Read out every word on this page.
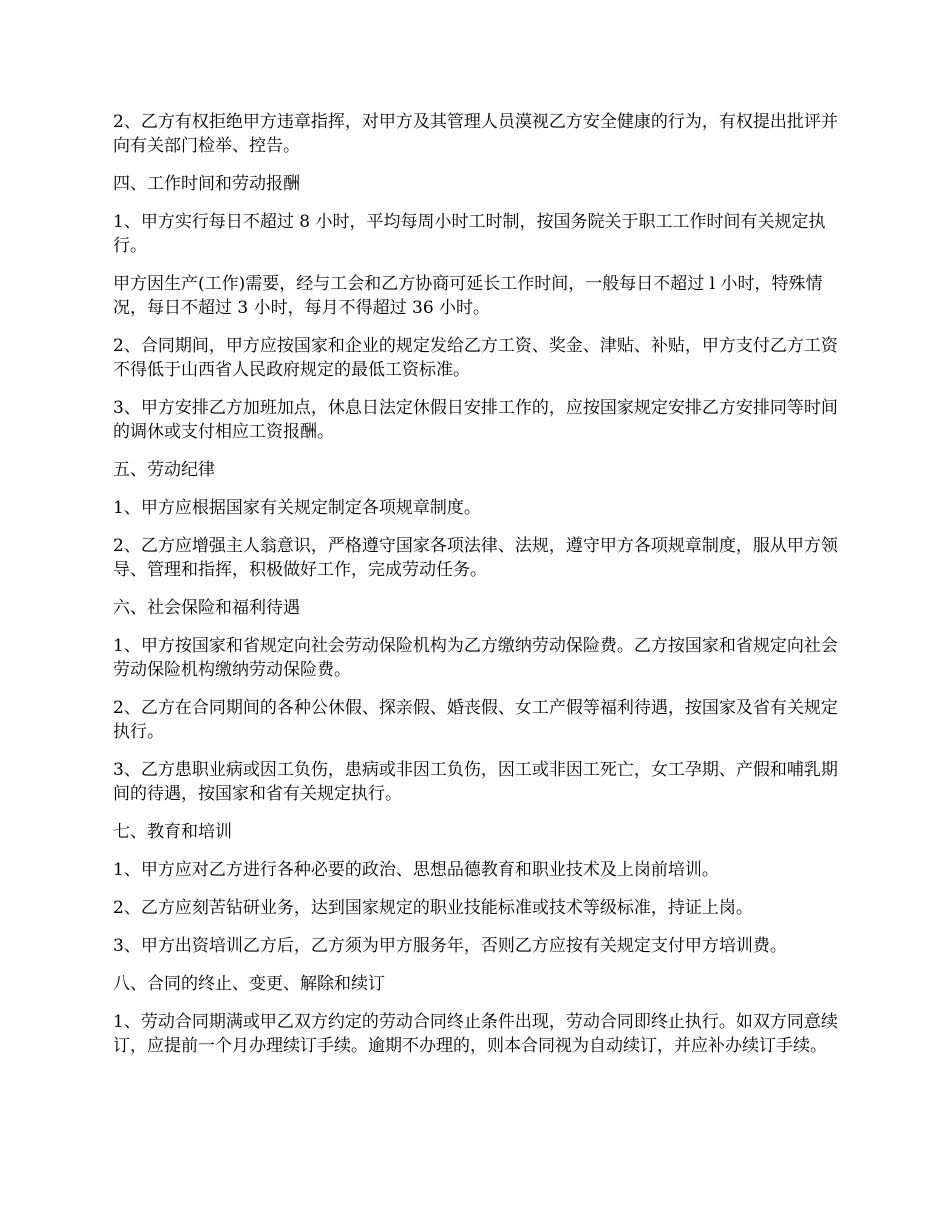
2、乙方有权拒绝甲方违章指挥，对甲方及其管理人员漠视乙方安全健康的行为，有权提出批评并向有关部门检举、控告。

四、工作时间和劳动报酬

1、甲方实行每日不超过 8 小时，平均每周小时工时制，按国务院关于职工工作时间有关规定执行。

甲方因生产(工作)需要，经与工会和乙方协商可延长工作时间，一般每日不超过 l 小时，特殊情况，每日不超过 3 小时，每月不得超过 36 小时。

2、合同期间，甲方应按国家和企业的规定发给乙方工资、奖金、津贴、补贴，甲方支付乙方工资不得低于山西省人民政府规定的最低工资标准。

3、甲方安排乙方加班加点，休息日法定休假日安排工作的，应按国家规定安排乙方安排同等时间的调休或支付相应工资报酬。

五、劳动纪律

1、甲方应根据国家有关规定制定各项规章制度。

2、乙方应增强主人翁意识，严格遵守国家各项法律、法规，遵守甲方各项规章制度，服从甲方领导、管理和指挥，积极做好工作，完成劳动任务。

六、社会保险和福利待遇

1、甲方按国家和省规定向社会劳动保险机构为乙方缴纳劳动保险费。乙方按国家和省规定向社会劳动保险机构缴纳劳动保险费。

2、乙方在合同期间的各种公休假、探亲假、婚丧假、女工产假等福利待遇，按国家及省有关规定执行。

3、乙方患职业病或因工负伤，患病或非因工负伤，因工或非因工死亡，女工孕期、产假和哺乳期间的待遇，按国家和省有关规定执行。

七、教育和培训

1、甲方应对乙方进行各种必要的政治、思想品德教育和职业技术及上岗前培训。

2、乙方应刻苦钻研业务，达到国家规定的职业技能标准或技术等级标准，持证上岗。

3、甲方出资培训乙方后，乙方须为甲方服务年，否则乙方应按有关规定支付甲方培训费。

八、合同的终止、变更、解除和续订

1、劳动合同期满或甲乙双方约定的劳动合同终止条件出现，劳动合同即终止执行。如双方同意续订，应提前一个月办理续订手续。逾期不办理的，则本合同视为自动续订，并应补办续订手续。
